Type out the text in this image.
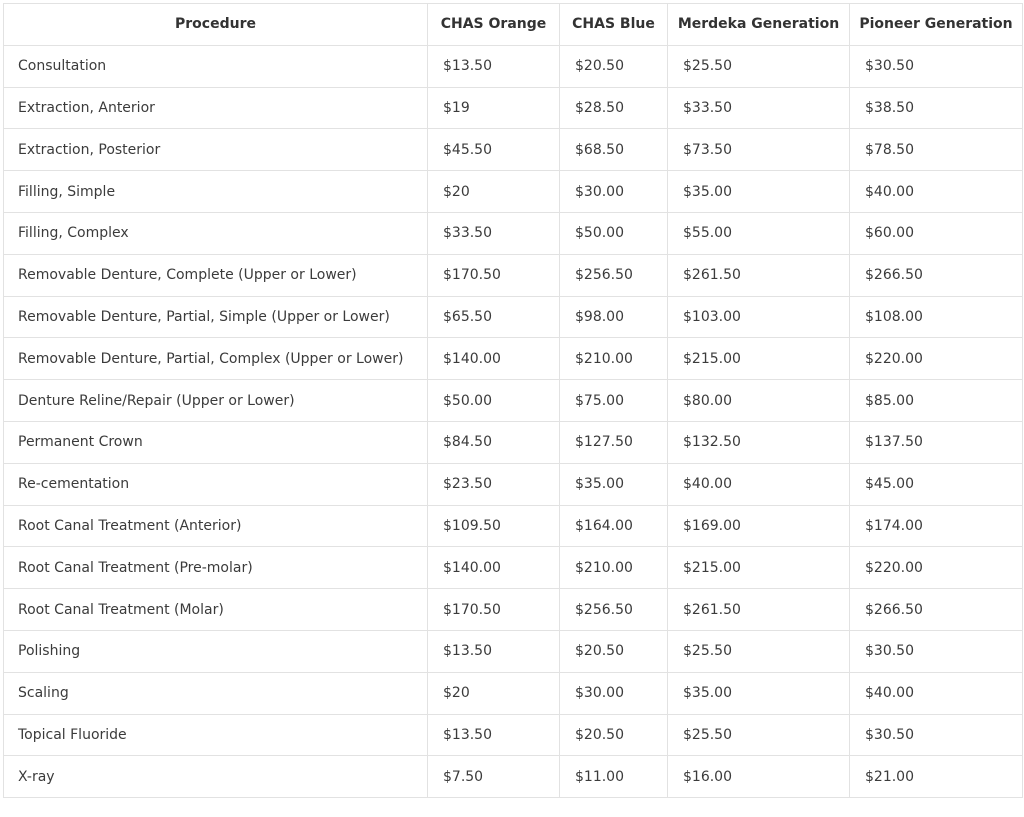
Procedure	CHAS Orange	CHAS Blue	Merdeka Generation	Pioneer Generation
Consultation	$13.50	$20.50	$25.50	$30.50
Extraction, Anterior	$19	$28.50	$33.50	$38.50
Extraction, Posterior	$45.50	$68.50	$73.50	$78.50
Filling, Simple	$20	$30.00	$35.00	$40.00
Filling, Complex	$33.50	$50.00	$55.00	$60.00
Removable Denture, Complete (Upper or Lower)	$170.50	$256.50	$261.50	$266.50
Removable Denture, Partial, Simple (Upper or Lower)	$65.50	$98.00	$103.00	$108.00
Removable Denture, Partial, Complex (Upper or Lower)	$140.00	$210.00	$215.00	$220.00
Denture Reline/Repair (Upper or Lower)	$50.00	$75.00	$80.00	$85.00
Permanent Crown	$84.50	$127.50	$132.50	$137.50
Re-cementation	$23.50	$35.00	$40.00	$45.00
Root Canal Treatment (Anterior)	$109.50	$164.00	$169.00	$174.00
Root Canal Treatment (Pre-molar)	$140.00	$210.00	$215.00	$220.00
Root Canal Treatment (Molar)	$170.50	$256.50	$261.50	$266.50
Polishing	$13.50	$20.50	$25.50	$30.50
Scaling	$20	$30.00	$35.00	$40.00
Topical Fluoride	$13.50	$20.50	$25.50	$30.50
X-ray	$7.50	$11.00	$16.00	$21.00
